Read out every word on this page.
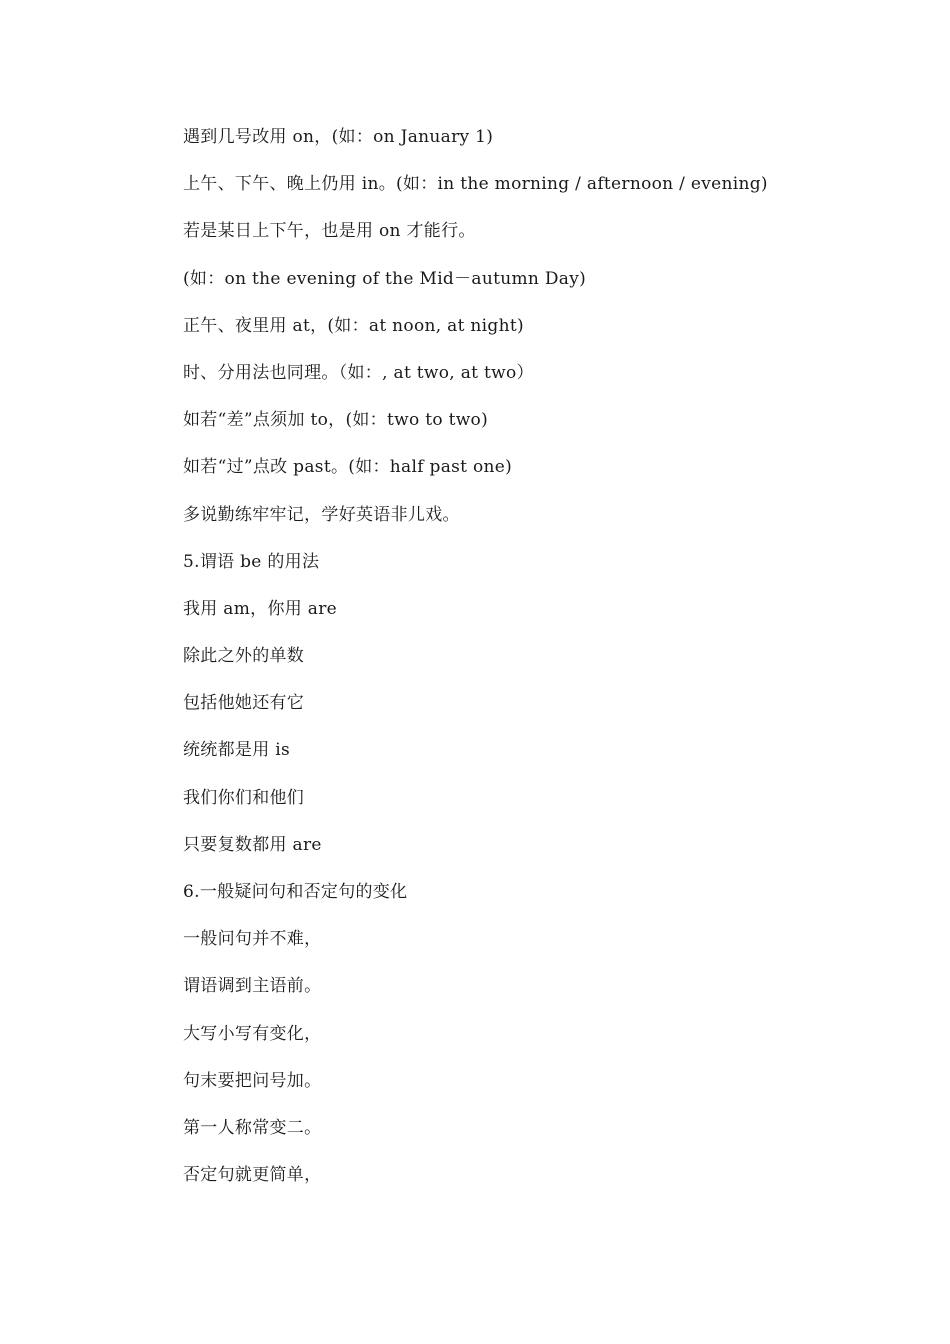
遇到几号改用 on，(如：on January 1)
上午、下午、晚上仍用 in。(如：in the morning / afternoon / evening)
若是某日上下午，也是用 on 才能行。
(如：on the evening of the Mid－autumn Day)
正午、夜里用 at，(如：at noon, at night)
时、分用法也同理。（如：, at two, at two）
如若“差”点须加 to，(如：two to two)
如若“过”点改 past。(如：half past one)
多说勤练牢牢记，学好英语非儿戏。
5.谓语 be 的用法
我用 am，你用 are
除此之外的单数
包括他她还有它
统统都是用 is
我们你们和他们
只要复数都用 are
6.一般疑问句和否定句的变化
一般问句并不难，
谓语调到主语前。
大写小写有变化，
句末要把问号加。
第一人称常变二。
否定句就更简单，
